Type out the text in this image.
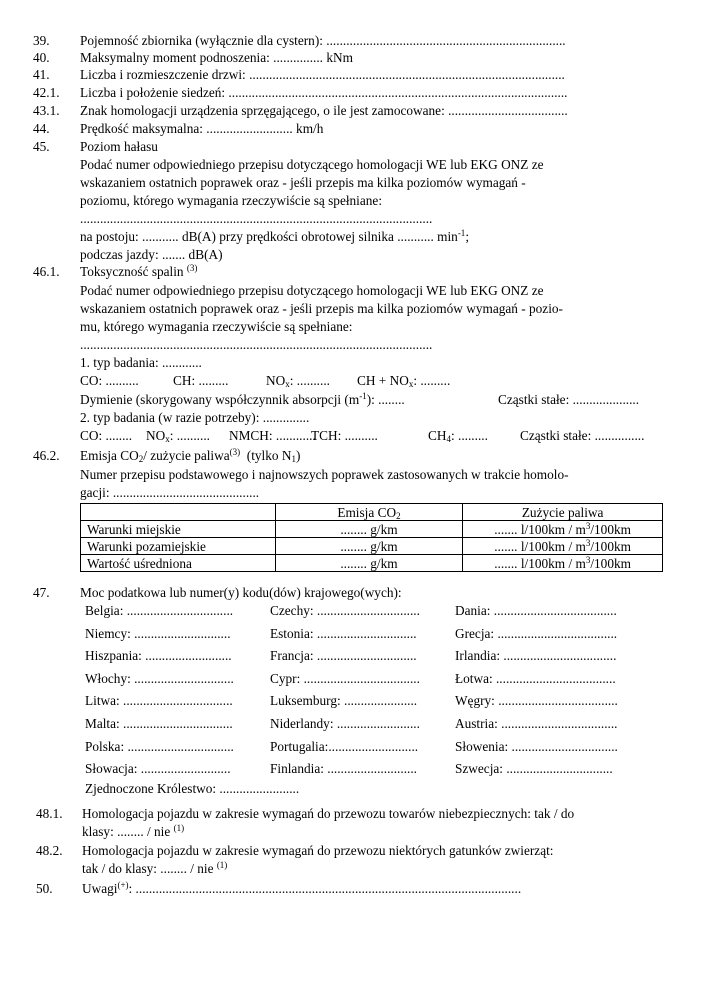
39. Pojemność zbiornika (wyłącznie dla cystern): ........................................................................
40. Maksymalny moment podnoszenia: ............... kNm
41. Liczba i rozmieszczenie drzwi: ...............................................................................................
42.1. Liczba i położenie siedzeń: ......................................................................................................
43.1. Znak homologacji urządzenia sprzęgającego, o ile jest zamocowane: ....................................
44. Prędkość maksymalna: .......................... km/h
45. Poziom hałasu
Podać numer odpowiedniego przepisu dotyczącego homologacji WE lub EKG ONZ ze
wskazaniem ostatnich poprawek oraz - jeśli przepis ma kilka poziomów wymagań -
poziomu, którego wymagania rzeczywiście są spełniane:
..........................................................................................................
na postoju: ........... dB(A) przy prędkości obrotowej silnika ........... $\min^{-1}$;
podczas jazdy: ....... dB(A)
46.1. Toksyczność spalin $^{(3)}$
Podać numer odpowiedniego przepisu dotyczącego homologacji WE lub EKG ONZ ze
wskazaniem ostatnich poprawek oraz - jeśli przepis ma kilka poziomów wymagań - pozio-
mu, którego wymagania rzeczywiście są spełniane:
..........................................................................................................
1. typ badania: ............
CO: ..........	CH: .........	$NO_x$: .......... CH + $NO_x$: .........
Dymienie (skorygowany współczynnik absorpcji $(m^{-1})$: ........	Cząstki stałe: ....................
2. typ badania (w razie potrzeby): ..............
CO: ........ $NO_x$: .......... NMCH: ............
TCH: ..........	$CH_4$: ......... Cząstki stałe: ...............
46.2. Emisja $CO_2/$ zużycie paliwa$^{(3)}$ (tylko $N_1$)
Numer przepisu podstawowego i najnowszych poprawek zastosowanych w trakcie homolo-
gacji: ............................................
	Emisja $CO_2$	Zużycie paliwa
Warunki miejskie	........ g/km	....... $l/100km / m^3/100km$
Warunki pozamiejskie	........ g/km	....... $l/100km / m^3/100km$
Wartość uśredniona	........ g/km	....... $l/100km / m^3/100km$
47. Moc podatkowa lub numer(y) kodu(dów) krajowego(wych):
Belgia: ................................	Czechy: ...............................	Dania: .....................................
Niemcy: .............................	Estonia: ..............................	Grecja: ....................................
Hiszpania: ..........................	Francja: ..............................	Irlandia: ..................................
Włochy: ..............................	Cypr: ...................................	Łotwa: ....................................
Litwa: .................................	Luksemburg: ......................	Węgry: ....................................
Malta: .................................	Niderlandy: .........................	Austria: ...................................
Polska: ................................	Portugalia:...........................	Słowenia: ................................
Słowacja: ...........................	Finlandia: ...........................	Szwecja: ................................
Zjednoczone Królestwo: ........................
48.1. Homologacja pojazdu w zakresie wymagań do przewozu towarów niebezpiecznych: tak / do
klasy: ........ / nie $^{(1)}$
48.2. Homologacja pojazdu w zakresie wymagań do przewozu niektórych gatunków zwierząt:
tak / do klasy: ........ / nie $^{(1)}$
50. Uwagi(+): ....................................................................................................................
